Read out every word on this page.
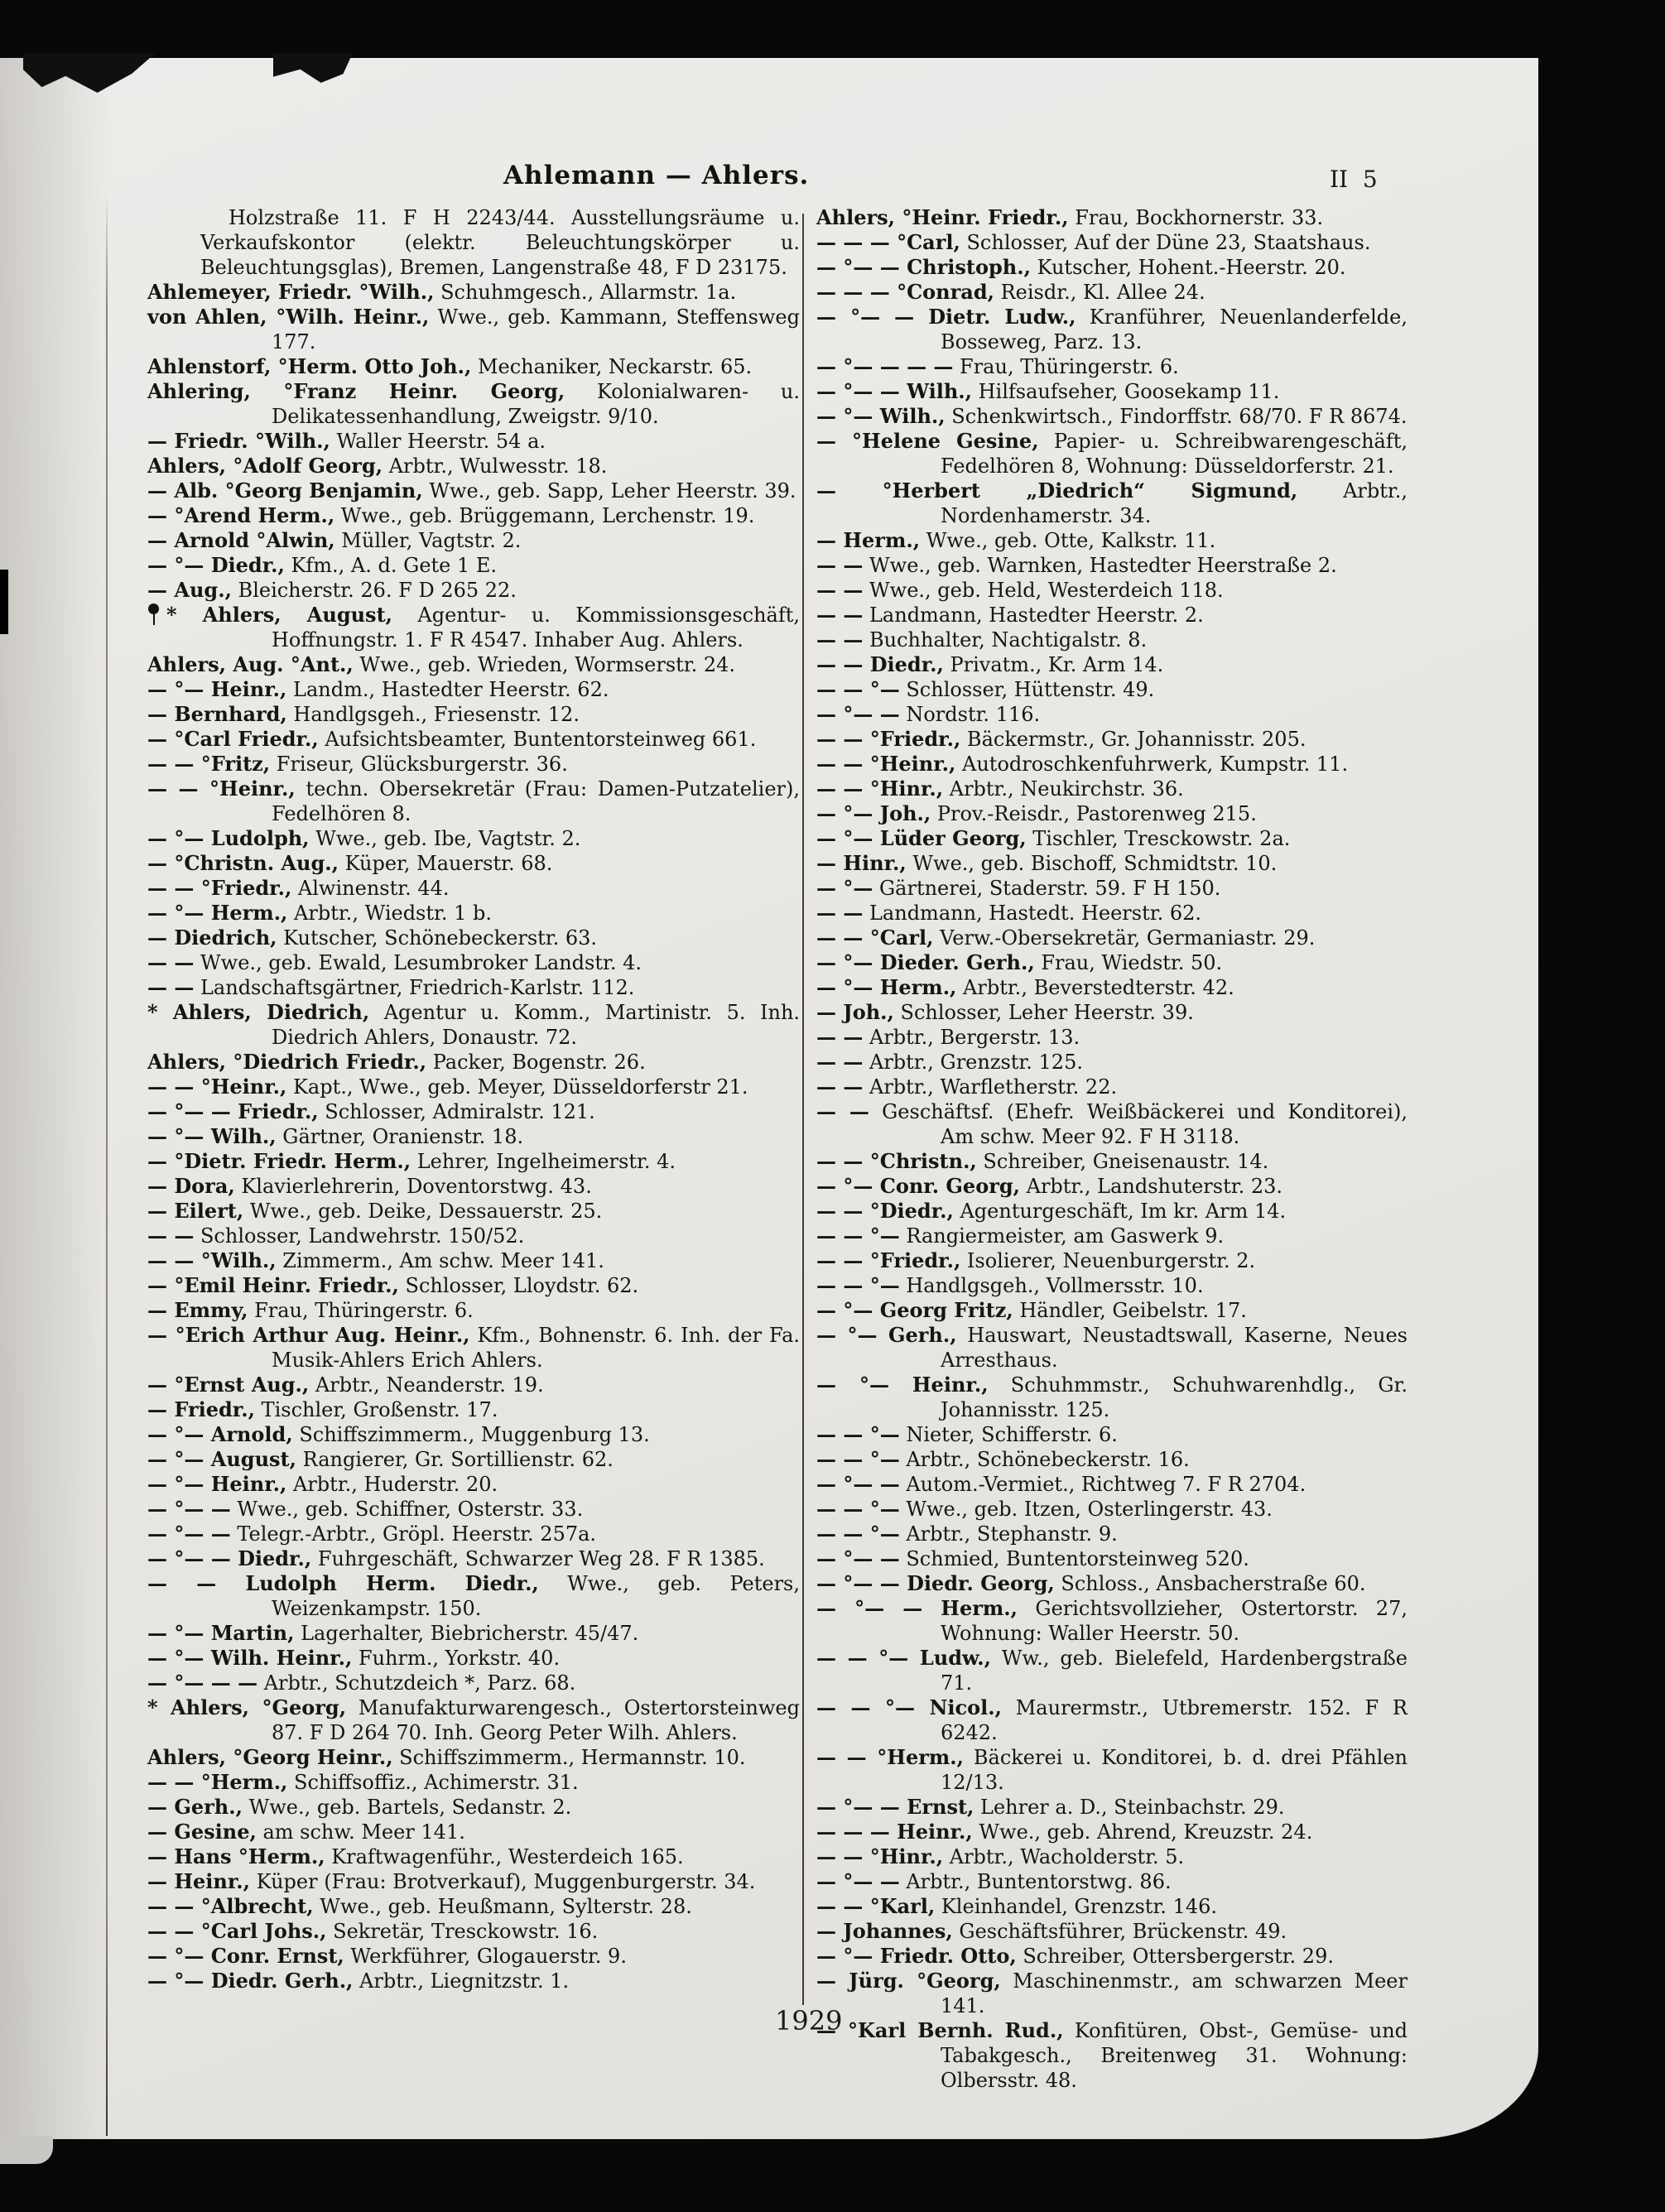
Ahlemann — Ahlers.	II  5
Holzstraße 11. F H 2243/44. Ausstellungsräume u. Verkaufskontor (elektr. Beleuchtungskörper u. Beleuchtungsglas), Bremen, Langenstraße 48, F D 23175.
Ahlemeyer, Friedr. °Wilh., Schuhmgesch., Allarmstr. 1a.
von Ahlen, °Wilh. Heinr., Wwe., geb. Kammann, Steffensweg 177.
Ahlenstorf, °Herm. Otto Joh., Mechaniker, Neckarstr. 65.
Ahlering, °Franz Heinr. Georg, Kolonialwaren- u. Delikatessenhandlung, Zweigstr. 9/10.
— Friedr. °Wilh., Waller Heerstr. 54 a.
Ahlers, °Adolf Georg, Arbtr., Wulwesstr. 18.
— Alb. °Georg Benjamin, Wwe., geb. Sapp, Leher Heerstr. 39.
— °Arend Herm., Wwe., geb. Brüggemann, Lerchenstr. 19.
— Arnold °Alwin, Müller, Vagtstr. 2.
— °— Diedr., Kfm., A. d. Gete 1 E.
— Aug., Bleicherstr. 26. F D 265 22.
* Ahlers, August, Agentur- u. Kommissionsgeschäft, Hoffnungstr. 1. F R 4547. Inhaber Aug. Ahlers.
Ahlers, Aug. °Ant., Wwe., geb. Wrieden, Wormserstr. 24.
— °— Heinr., Landm., Hastedter Heerstr. 62.
— Bernhard, Handlgsgeh., Friesenstr. 12.
— °Carl Friedr., Aufsichtsbeamter, Buntentorsteinweg 661.
— — °Fritz, Friseur, Glücksburgerstr. 36.
— — °Heinr., techn. Obersekretär (Frau: Damen-Putzatelier), Fedelhören 8.
— °— Ludolph, Wwe., geb. Ibe, Vagtstr. 2.
— °Christn. Aug., Küper, Mauerstr. 68.
— — °Friedr., Alwinenstr. 44.
— °— Herm., Arbtr., Wiedstr. 1 b.
— Diedrich, Kutscher, Schönebeckerstr. 63.
— — Wwe., geb. Ewald, Lesumbroker Landstr. 4.
— — Landschaftsgärtner, Friedrich-Karlstr. 112.
* Ahlers, Diedrich, Agentur u. Komm., Martinistr. 5. Inh. Diedrich Ahlers, Donaustr. 72.
Ahlers, °Diedrich Friedr., Packer, Bogenstr. 26.
— — °Heinr., Kapt., Wwe., geb. Meyer, Düsseldorferstr 21.
— °— — Friedr., Schlosser, Admiralstr. 121.
— °— Wilh., Gärtner, Oranienstr. 18.
— °Dietr. Friedr. Herm., Lehrer, Ingelheimerstr. 4.
— Dora, Klavierlehrerin, Doventorstwg. 43.
— Eilert, Wwe., geb. Deike, Dessauerstr. 25.
— — Schlosser, Landwehrstr. 150/52.
— — °Wilh., Zimmerm., Am schw. Meer 141.
— °Emil Heinr. Friedr., Schlosser, Lloydstr. 62.
— Emmy, Frau, Thüringerstr. 6.
— °Erich Arthur Aug. Heinr., Kfm., Bohnenstr. 6. Inh. der Fa. Musik-Ahlers Erich Ahlers.
— °Ernst Aug., Arbtr., Neanderstr. 19.
— Friedr., Tischler, Großenstr. 17.
— °— Arnold, Schiffszimmerm., Muggenburg 13.
— °— August, Rangierer, Gr. Sortillienstr. 62.
— °— Heinr., Arbtr., Huderstr. 20.
— °— — Wwe., geb. Schiffner, Osterstr. 33.
— °— — Telegr.-Arbtr., Gröpl. Heerstr. 257a.
— °— — Diedr., Fuhrgeschäft, Schwarzer Weg 28. F R 1385.
— — Ludolph Herm. Diedr., Wwe., geb. Peters, Weizenkampstr. 150.
— °— Martin, Lagerhalter, Biebricherstr. 45/47.
— °— Wilh. Heinr., Fuhrm., Yorkstr. 40.
— °— — — Arbtr., Schutzdeich *, Parz. 68.
* Ahlers, °Georg, Manufakturwarengesch., Ostertorsteinweg 87. F D 264 70. Inh. Georg Peter Wilh. Ahlers.
Ahlers, °Georg Heinr., Schiffszimmerm., Hermannstr. 10.
— — °Herm., Schiffsoffiz., Achimerstr. 31.
— Gerh., Wwe., geb. Bartels, Sedanstr. 2.
— Gesine, am schw. Meer 141.
— Hans °Herm., Kraftwagenführ., Westerdeich 165.
— Heinr., Küper (Frau: Brotverkauf), Muggenburgerstr. 34.
— — °Albrecht, Wwe., geb. Heußmann, Sylterstr. 28.
— — °Carl Johs., Sekretär, Tresckowstr. 16.
— °— Conr. Ernst, Werkführer, Glogauerstr. 9.
— °— Diedr. Gerh., Arbtr., Liegnitzstr. 1.
Ahlers, °Heinr. Friedr., Frau, Bockhornerstr. 33.
— — — °Carl, Schlosser, Auf der Düne 23, Staatshaus.
— °— — Christoph., Kutscher, Hohent.-Heerstr. 20.
— — — °Conrad, Reisdr., Kl. Allee 24.
— °— — Dietr. Ludw., Kranführer, Neuenlanderfelde, Bosseweg, Parz. 13.
— °— — — — Frau, Thüringerstr. 6.
— °— — Wilh., Hilfsaufseher, Goosekamp 11.
— °— Wilh., Schenkwirtsch., Findorffstr. 68/70. F R 8674.
— °Helene Gesine, Papier- u. Schreibwarengeschäft, Fedelhören 8, Wohnung: Düsseldorferstr. 21.
— °Herbert „Diedrich“ Sigmund, Arbtr., Nordenhamerstr. 34.
— Herm., Wwe., geb. Otte, Kalkstr. 11.
— — Wwe., geb. Warnken, Hastedter Heerstraße 2.
— — Wwe., geb. Held, Westerdeich 118.
— — Landmann, Hastedter Heerstr. 2.
— — Buchhalter, Nachtigalstr. 8.
— — Diedr., Privatm., Kr. Arm 14.
— — °— Schlosser, Hüttenstr. 49.
— °— — Nordstr. 116.
— — °Friedr., Bäckermstr., Gr. Johannisstr. 205.
— — °Heinr., Autodroschkenfuhrwerk, Kumpstr. 11.
— — °Hinr., Arbtr., Neukirchstr. 36.
— °— Joh., Prov.-Reisdr., Pastorenweg 215.
— °— Lüder Georg, Tischler, Tresckowstr. 2a.
— Hinr., Wwe., geb. Bischoff, Schmidtstr. 10.
— °— Gärtnerei, Staderstr. 59. F H 150.
— — Landmann, Hastedt. Heerstr. 62.
— — °Carl, Verw.-Obersekretär, Germaniastr. 29.
— °— Dieder. Gerh., Frau, Wiedstr. 50.
— °— Herm., Arbtr., Beverstedterstr. 42.
— Joh., Schlosser, Leher Heerstr. 39.
— — Arbtr., Bergerstr. 13.
— — Arbtr., Grenzstr. 125.
— — Arbtr., Warfletherstr. 22.
— — Geschäftsf. (Ehefr. Weißbäckerei und Konditorei), Am schw. Meer 92. F H 3118.
— — °Christn., Schreiber, Gneisenaustr. 14.
— °— Conr. Georg, Arbtr., Landshuterstr. 23.
— — °Diedr., Agenturgeschäft, Im kr. Arm 14.
— — °— Rangiermeister, am Gaswerk 9.
— — °Friedr., Isolierer, Neuenburgerstr. 2.
— — °— Handlgsgeh., Vollmersstr. 10.
— °— Georg Fritz, Händler, Geibelstr. 17.
— °— Gerh., Hauswart, Neustadtswall, Kaserne, Neues Arresthaus.
— °— Heinr., Schuhmmstr., Schuhwarenhdlg., Gr. Johannisstr. 125.
— — °— Nieter, Schifferstr. 6.
— — °— Arbtr., Schönebeckerstr. 16.
— °— — Autom.-Vermiet., Richtweg 7. F R 2704.
— — °— Wwe., geb. Itzen, Osterlingerstr. 43.
— — °— Arbtr., Stephanstr. 9.
— °— — Schmied, Buntentorsteinweg 520.
— °— — Diedr. Georg, Schloss., Ansbacherstraße 60.
— °— — Herm., Gerichtsvollzieher, Ostertorstr. 27, Wohnung: Waller Heerstr. 50.
— — °— Ludw., Ww., geb. Bielefeld, Hardenbergstraße 71.
— — °— Nicol., Maurermstr., Utbremerstr. 152. F R 6242.
— — °Herm., Bäckerei u. Konditorei, b. d. drei Pfählen 12/13.
— °— — Ernst, Lehrer a. D., Steinbachstr. 29.
— — — Heinr., Wwe., geb. Ahrend, Kreuzstr. 24.
— — °Hinr., Arbtr., Wacholderstr. 5.
— °— — Arbtr., Buntentorstwg. 86.
— — °Karl, Kleinhandel, Grenzstr. 146.
— Johannes, Geschäftsführer, Brückenstr. 49.
— °— Friedr. Otto, Schreiber, Ottersbergerstr. 29.
— Jürg. °Georg, Maschinenmstr., am schwarzen Meer 141.
— °Karl Bernh. Rud., Konfitüren, Obst-, Gemüse- und Tabakgesch., Breitenweg 31. Wohnung: Olbersstr. 48.
1929
